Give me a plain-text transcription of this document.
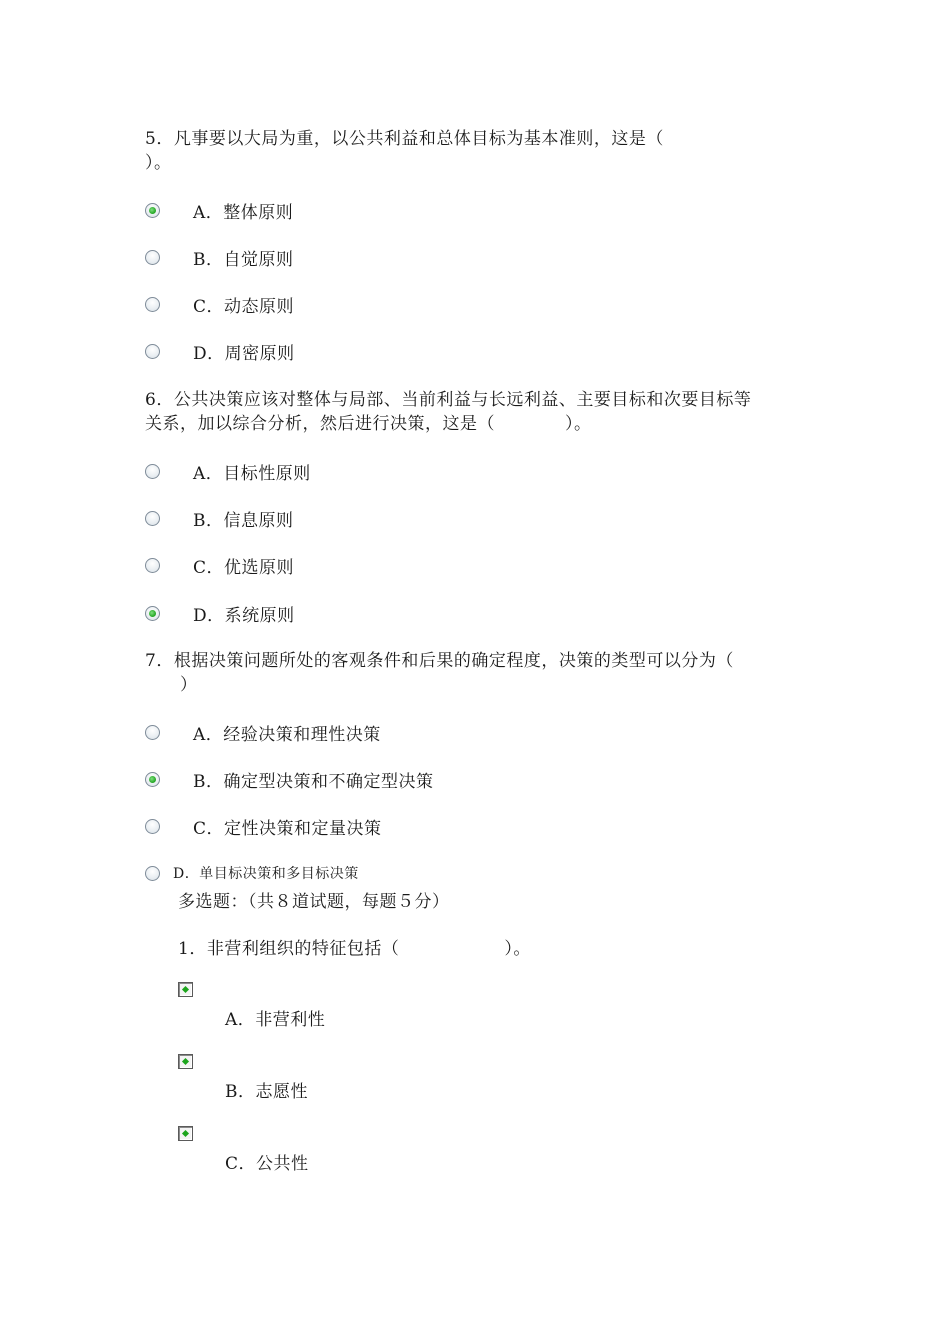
5．凡事要以大局为重，以公共利益和总体目标为基本准则，这是（
）。
A．整体原则
B．自觉原则
C．动态原则
D．周密原则
6．公共决策应该对整体与局部、当前利益与长远利益、主要目标和次要目标等
关系，加以综合分析，然后进行决策，这是（　　　　）。
A．目标性原则
B．信息原则
C．优选原则
D．系统原则
7．根据决策问题所处的客观条件和后果的确定程度，决策的类型可以分为（
　　）
A．经验决策和理性决策
B．确定型决策和不确定型决策
C．定性决策和定量决策
D．单目标决策和多目标决策
多选题：（共８道试题，每题５分）
1．非营利组织的特征包括（　　　　　　）。
A．非营利性
B．志愿性
C．公共性
